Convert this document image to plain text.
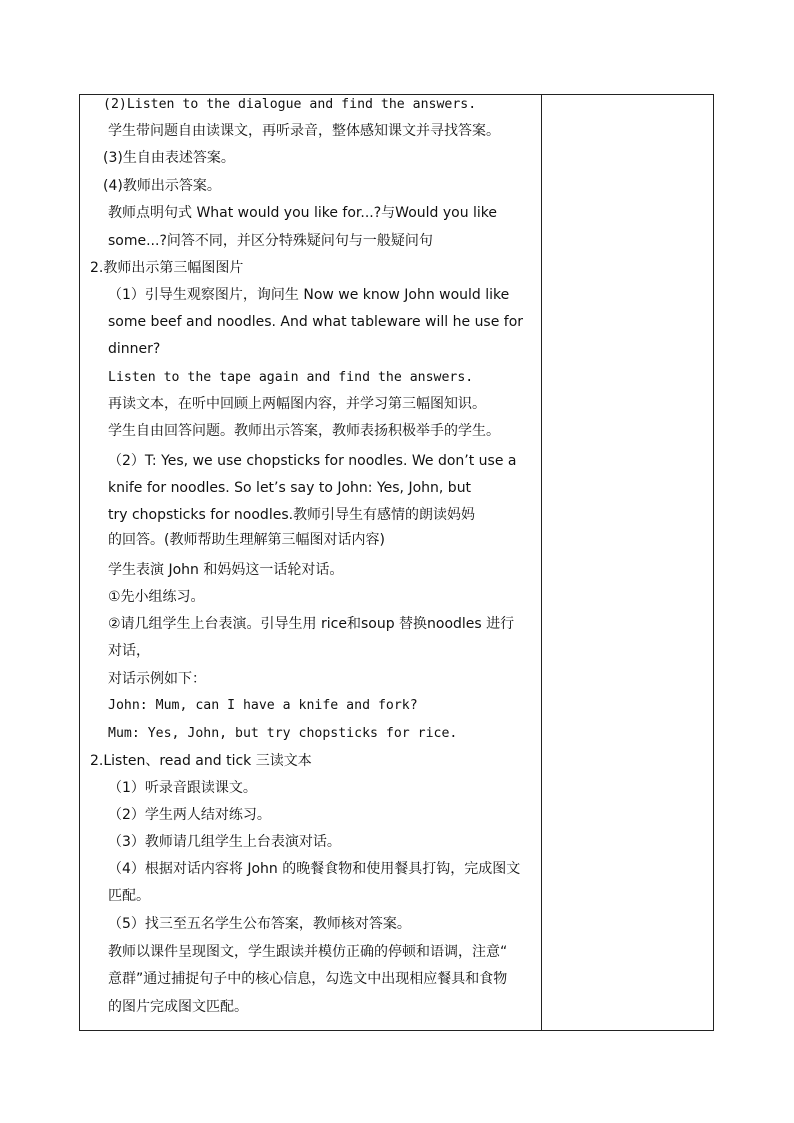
(2)Listen to the dialogue and find the answers.
学生带问题自由读课文，再听录音，整体感知课文并寻找答案。
(3)生自由表述答案。
(4)教师出示答案。
教师点明句式 What would you like for...?与Would you like
some...?问答不同，并区分特殊疑问句与一般疑问句
2.教师出示第三幅图图片
（1）引导生观察图片，询问生 Now we know John would like
some beef and noodles. And what tableware will he use for
dinner?
Listen to the tape again and find the answers.
再读文本，在听中回顾上两幅图内容，并学习第三幅图知识。
学生自由回答问题。教师出示答案，教师表扬积极举手的学生。
（2）T: Yes, we use chopsticks for noodles. We don’t use a
knife for noodles. So let’s say to John: Yes, John, but
try chopsticks for noodles.教师引导生有感情的朗读妈妈
的回答。(教师帮助生理解第三幅图对话内容)
学生表演 John 和妈妈这一话轮对话。
①先小组练习。
②请几组学生上台表演。引导生用 rice和soup 替换noodles 进行
对话，
对话示例如下：
John: Mum, can I have a knife and fork?
Mum: Yes, John, but try chopsticks for rice.
2.Listen、read and tick 三读文本
（1）听录音跟读课文。
（2）学生两人结对练习。
（3）教师请几组学生上台表演对话。
（4）根据对话内容将 John 的晚餐食物和使用餐具打钩，完成图文
匹配。
（5）找三至五名学生公布答案，教师核对答案。
教师以课件呈现图文，学生跟读并模仿正确的停顿和语调，注意“
意群”通过捕捉句子中的核心信息，勾选文中出现相应餐具和食物
的图片完成图文匹配。
